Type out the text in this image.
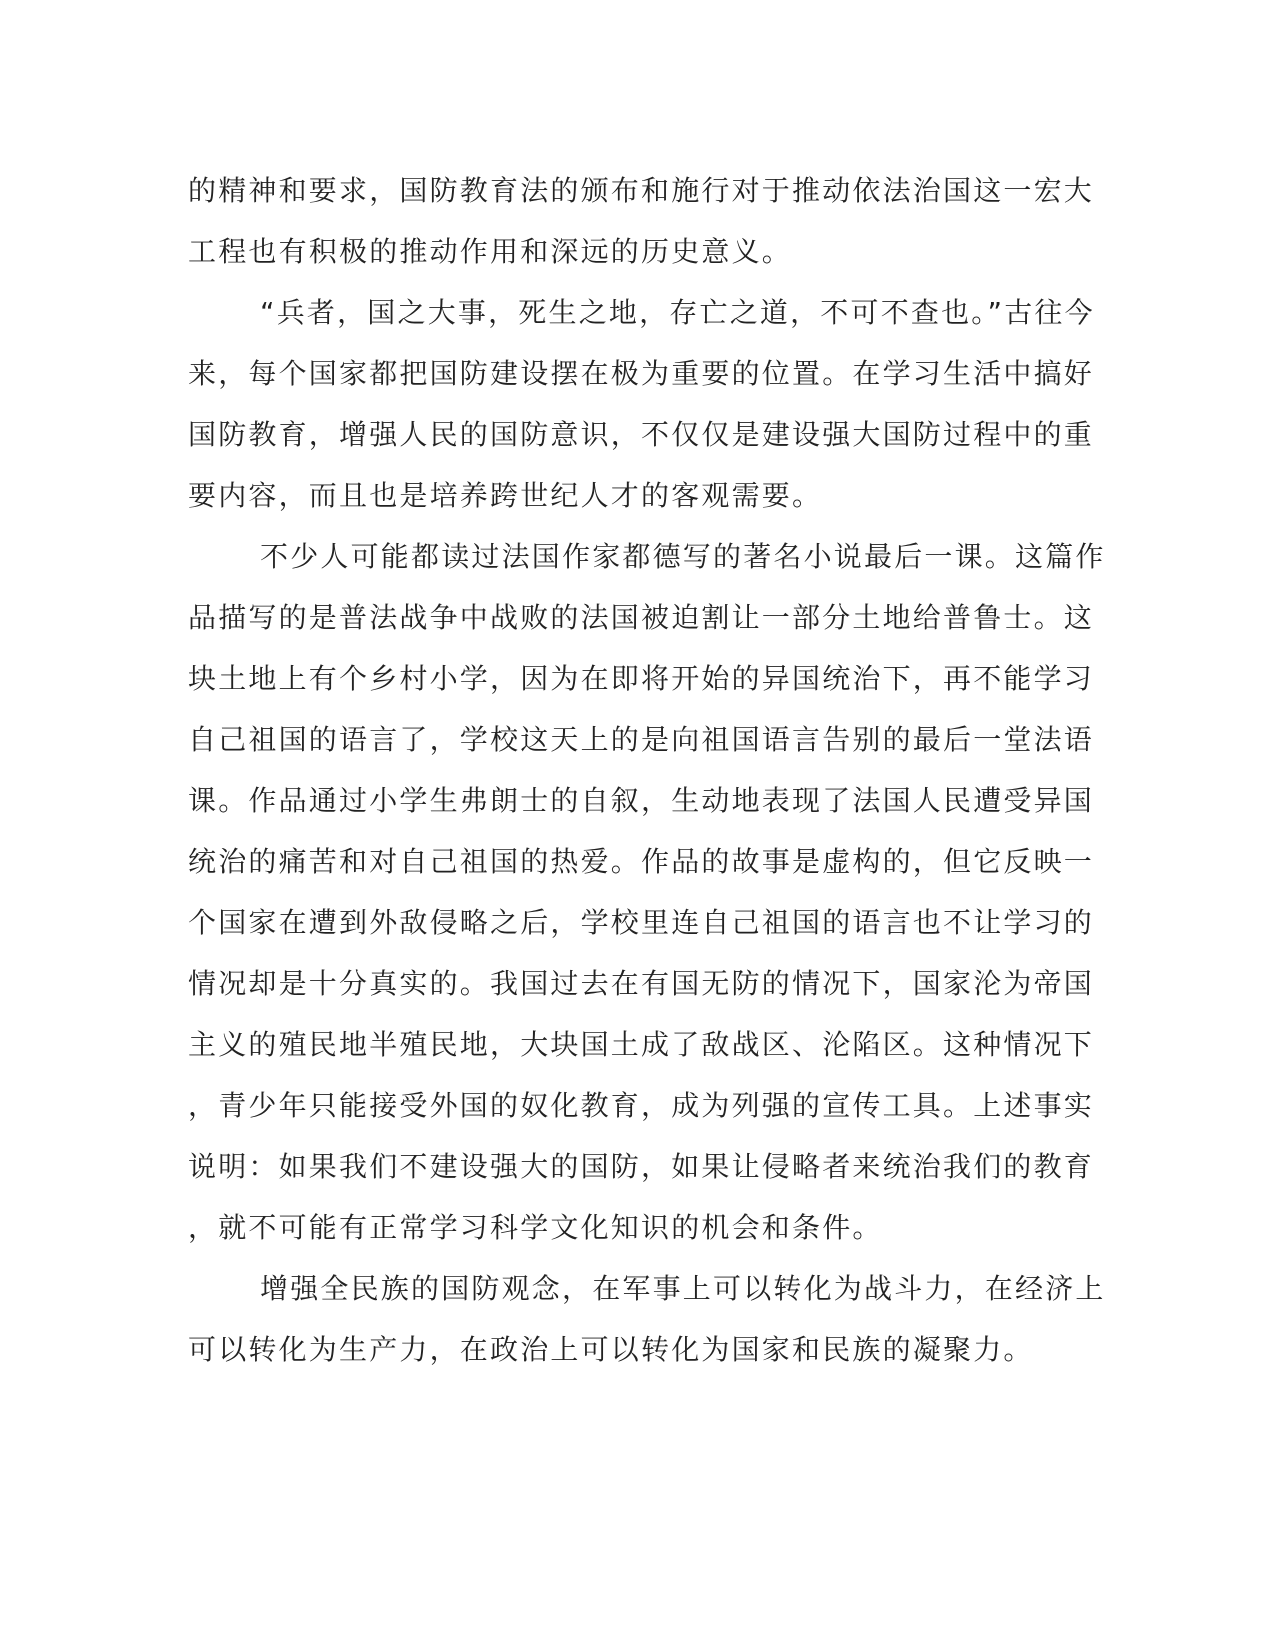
的精神和要求，国防教育法的颁布和施行对于推动依法治国这一宏大
工程也有积极的推动作用和深远的历史意义。
“兵者，国之大事，死生之地，存亡之道，不可不查也。”古往今
来，每个国家都把国防建设摆在极为重要的位置。在学习生活中搞好
国防教育，增强人民的国防意识，不仅仅是建设强大国防过程中的重
要内容，而且也是培养跨世纪人才的客观需要。
不少人可能都读过法国作家都德写的著名小说最后一课。这篇作
品描写的是普法战争中战败的法国被迫割让一部分土地给普鲁士。这
块土地上有个乡村小学，因为在即将开始的异国统治下，再不能学习
自己祖国的语言了，学校这天上的是向祖国语言告别的最后一堂法语
课。作品通过小学生弗朗士的自叙，生动地表现了法国人民遭受异国
统治的痛苦和对自己祖国的热爱。作品的故事是虚构的，但它反映一
个国家在遭到外敌侵略之后，学校里连自己祖国的语言也不让学习的
情况却是十分真实的。我国过去在有国无防的情况下，国家沦为帝国
主义的殖民地半殖民地，大块国土成了敌战区、沦陷区。这种情况下
，青少年只能接受外国的奴化教育，成为列强的宣传工具。上述事实
说明：如果我们不建设强大的国防，如果让侵略者来统治我们的教育
，就不可能有正常学习科学文化知识的机会和条件。
增强全民族的国防观念，在军事上可以转化为战斗力，在经济上
可以转化为生产力，在政治上可以转化为国家和民族的凝聚力。
